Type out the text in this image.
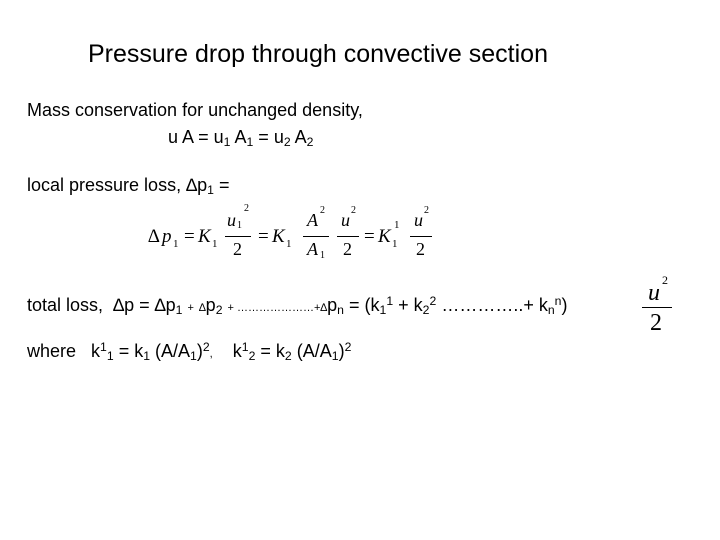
Pressure drop through convective section
Mass conservation for unchanged density,
u $A = u_1$ $A_1 = u_2$ $A_2$
local pressure loss, $\Delta p_1$ =
∆ p 1 = K 1
u 1
2
2
= K 1
A 2
A 1
u 2
2
= K 1
1 u 2
2
total loss, $\Delta p = \Delta p_1 + \Delta p_2$ + $\dots\dots\dots\dots\dots\dots\dots+\Delta p_n = (k_1^1 + k_2^2$ …………..+ $k_n^n$)	u 2
2
where $k^1_1 = k_1$ $(A/A_1)^2$, $k^1_2 = k_2$ $(A/A_1)^2$
